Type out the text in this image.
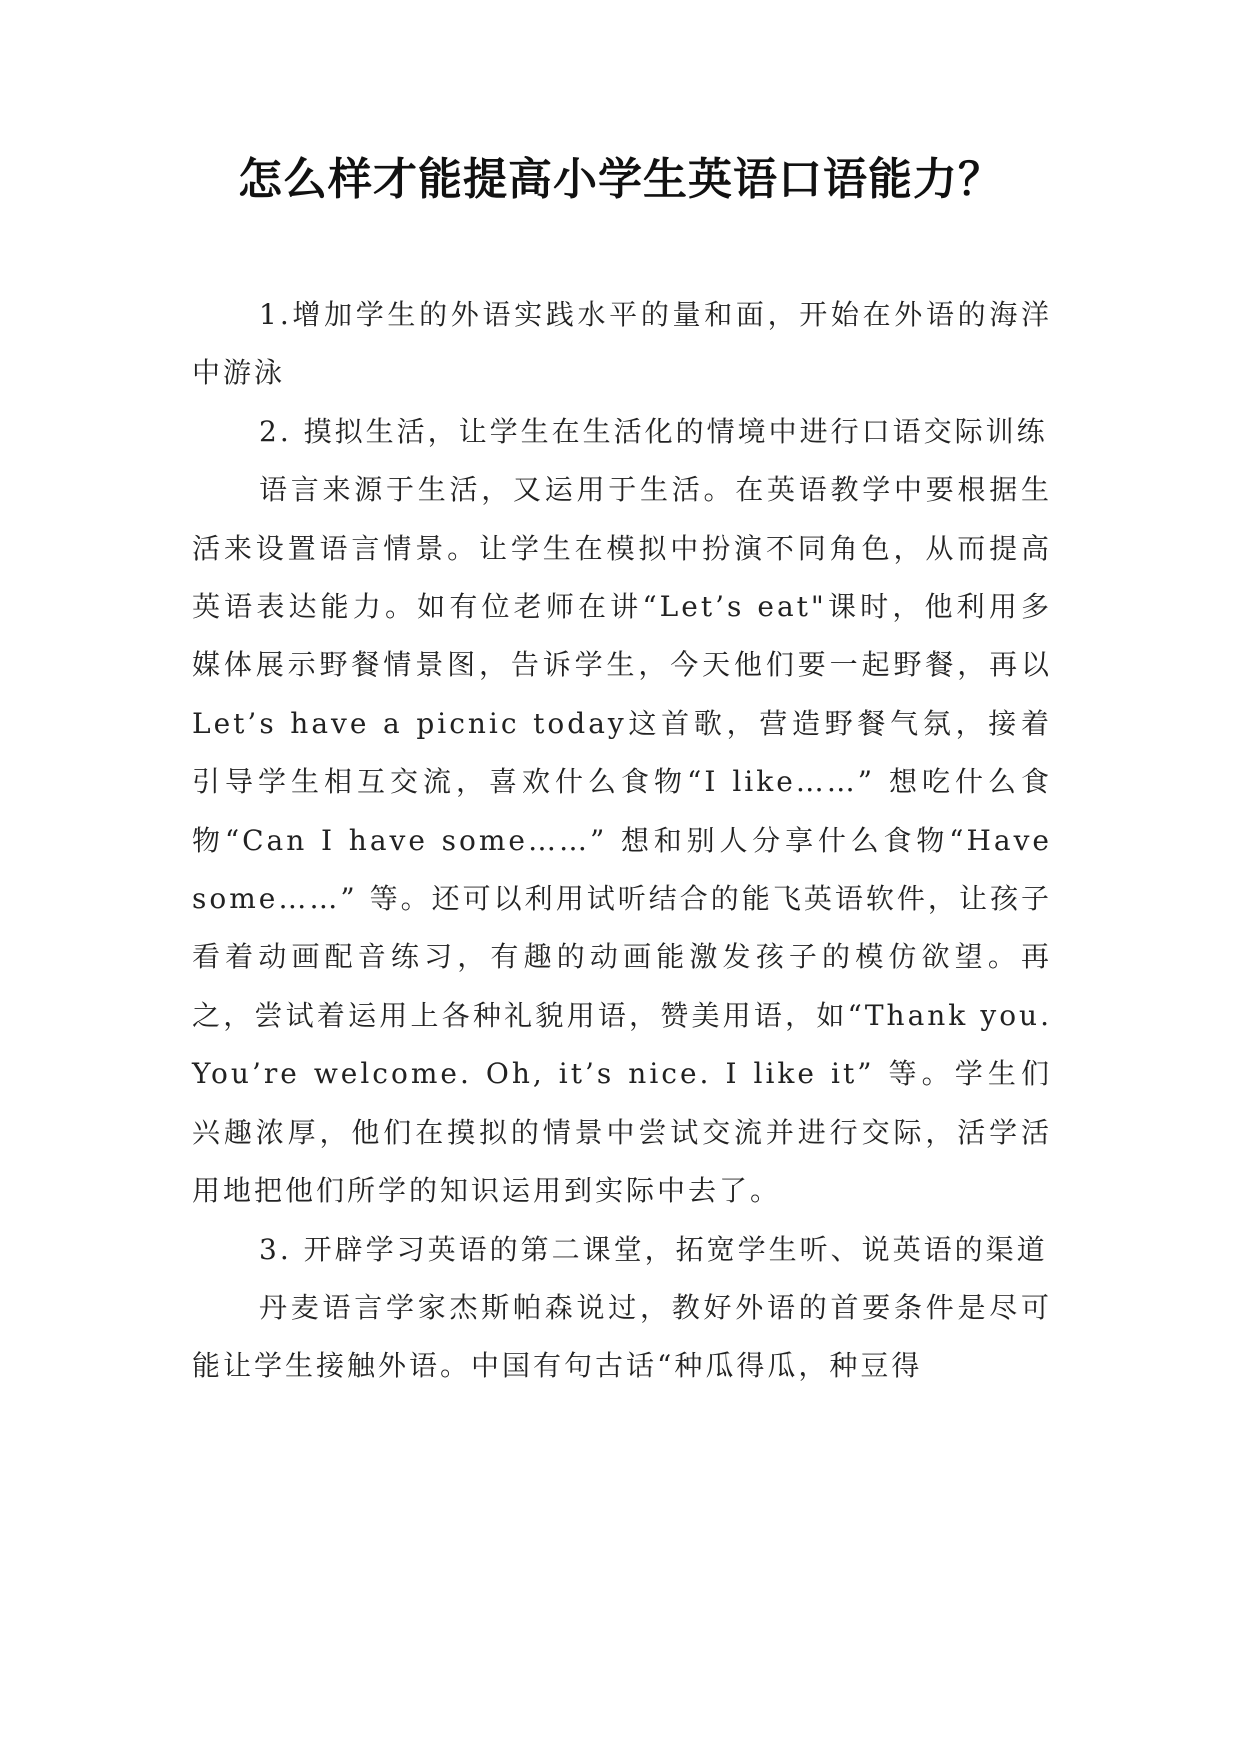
怎么样才能提高小学生英语口语能力？

1.增加学生的外语实践水平的量和面，开始在外语的海洋中游泳

2. 摸拟生活，让学生在生活化的情境中进行口语交际训练

语言来源于生活，又运用于生活。在英语教学中要根据生活来设置语言情景。让学生在模拟中扮演不同角色，从而提高英语表达能力。如有位老师在讲“Let’s eat"课时，他利用多媒体展示野餐情景图，告诉学生，今天他们要一起野餐，再以Let’s have a picnic today这首歌，营造野餐气氛，接着引导学生相互交流，喜欢什么食物“I like……” 想吃什么食物“Can I have some……” 想和别人分享什么食物“Have some……” 等。还可以利用试听结合的能飞英语软件，让孩子看着动画配音练习，有趣的动画能激发孩子的模仿欲望。再之，尝试着运用上各种礼貌用语，赞美用语，如“Thank you. You’re welcome. Oh, it’s nice. I like it” 等。学生们兴趣浓厚，他们在摸拟的情景中尝试交流并进行交际，活学活用地把他们所学的知识运用到实际中去了。

3. 开辟学习英语的第二课堂，拓宽学生听、说英语的渠道

丹麦语言学家杰斯帕森说过，教好外语的首要条件是尽可能让学生接触外语。中国有句古话“种瓜得瓜，种豆得
